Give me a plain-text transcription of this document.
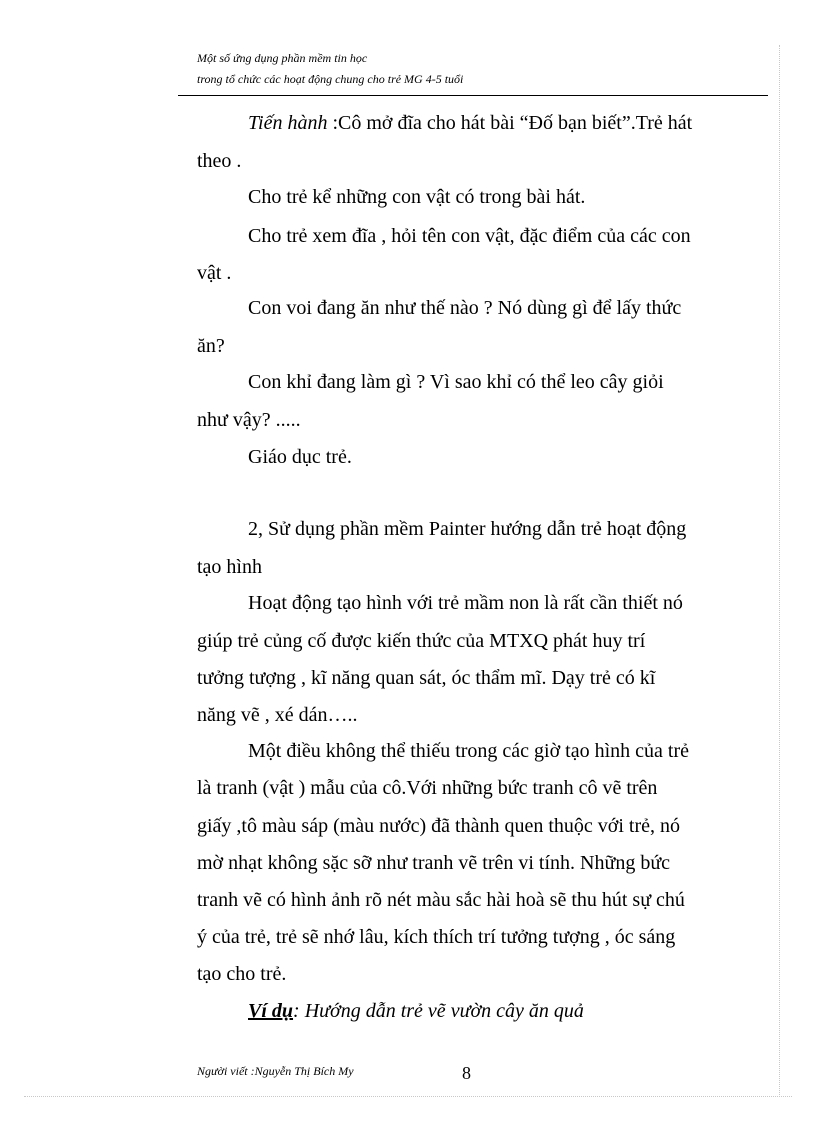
Một số ứng dụng phần mềm tin học
trong tổ chức các hoạt động chung cho trẻ MG 4-5 tuổi
Tiến hành :Cô mở đĩa cho hát bài “Đố bạn biết”.Trẻ hát
theo .
Cho trẻ kể những con vật có trong bài hát.
Cho trẻ xem đĩa , hỏi tên con vật, đặc điểm của các con
vật .
Con voi đang ăn như thế nào ? Nó dùng gì để lấy thức
ăn?
Con khỉ đang làm gì ? Vì sao khỉ có thể leo cây giỏi
như vậy? .....
Giáo dục trẻ.
2, Sử dụng phần mềm Painter hướng dẫn trẻ hoạt động
tạo hình
Hoạt động tạo hình với trẻ mầm non là rất cần thiết nó
giúp trẻ củng cố được kiến thức của MTXQ phát huy trí
tưởng tượng , kĩ năng quan sát, óc thẩm mĩ. Dạy trẻ có kĩ
năng vẽ , xé dán…..
Một điều không thể thiếu trong các giờ tạo hình của trẻ
là tranh (vật ) mẫu của cô.Với những bức tranh cô vẽ trên
giấy ,tô màu sáp (màu nước) đã thành quen thuộc với trẻ, nó
mờ nhạt không sặc sỡ như tranh vẽ trên vi tính. Những bức
tranh vẽ có hình ảnh rõ nét màu sắc hài hoà sẽ thu hút sự chú
ý của trẻ, trẻ sẽ nhớ lâu, kích thích trí tưởng tượng , óc sáng
tạo cho trẻ.
Ví dụ: Hướng dẫn trẻ vẽ vườn cây ăn quả
Người viết :Nguyễn Thị Bích My	8
